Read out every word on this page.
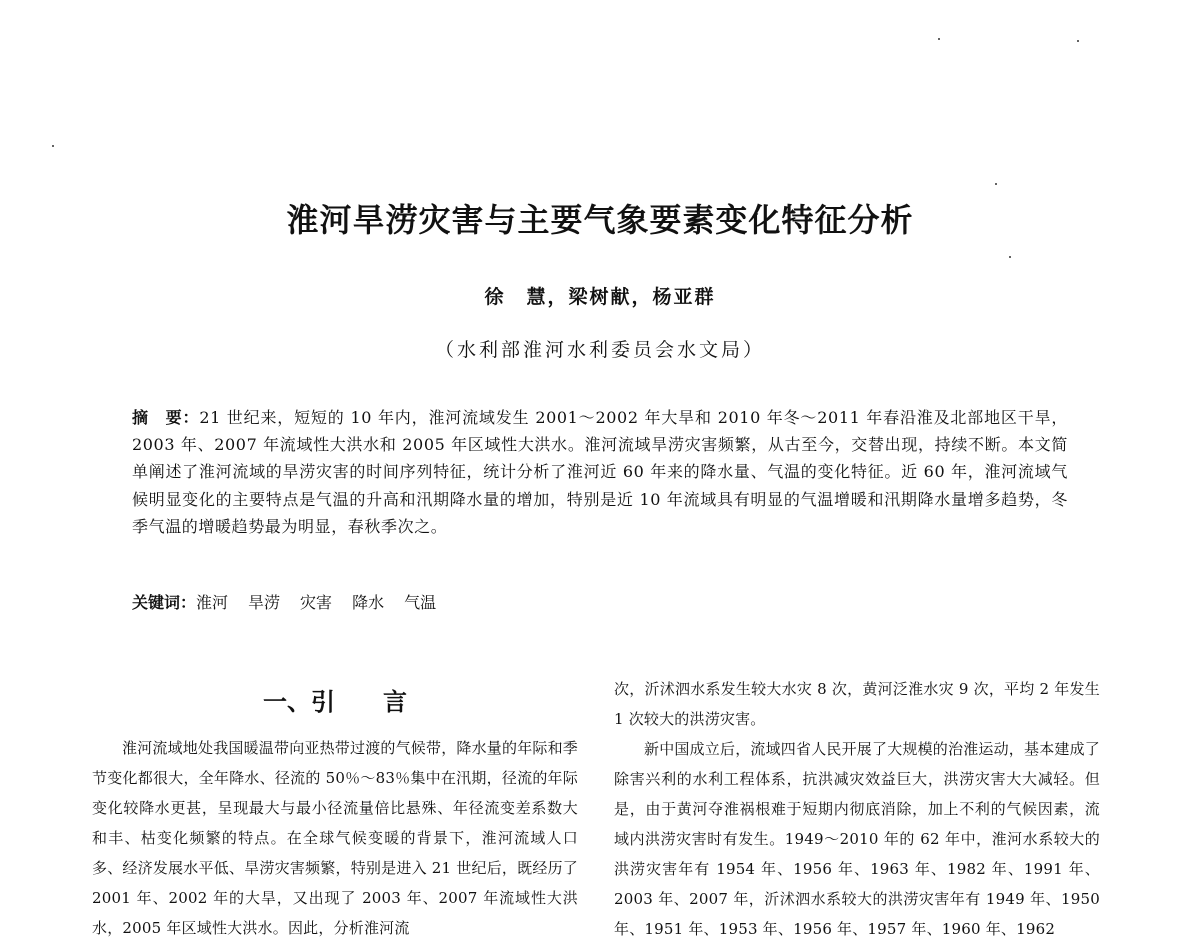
淮河旱涝灾害与主要气象要素变化特征分析
徐　慧，梁树献，杨亚群
（水利部淮河水利委员会水文局）
摘　要：21 世纪来，短短的 10 年内，淮河流域发生 2001～2002 年大旱和 2010 年冬～2011 年春沿淮及北部地区干旱，2003 年、2007 年流域性大洪水和 2005 年区域性大洪水。淮河流域旱涝灾害频繁，从古至今，交替出现，持续不断。本文简单阐述了淮河流域的旱涝灾害的时间序列特征，统计分析了淮河近 60 年来的降水量、气温的变化特征。近 60 年，淮河流域气候明显变化的主要特点是气温的升高和汛期降水量的增加，特别是近 10 年流域具有明显的气温增暖和汛期降水量增多趋势，冬季气温的增暖趋势最为明显，春秋季次之。
关键词：淮河 旱涝 灾害 降水 气温
一、引　　言

淮河流域地处我国暖温带向亚热带过渡的气候带，降水量的年际和季节变化都很大，全年降水、径流的 50％～83％集中在汛期，径流的年际变化较降水更甚，呈现最大与最小径流量倍比悬殊、年径流变差系数大和丰、枯变化频繁的特点。在全球气候变暖的背景下，淮河流域人口多、经济发展水平低、旱涝灾害频繁，特别是进入 21 世纪后，既经历了 2001 年、2002 年的大旱，又出现了 2003 年、2007 年流域性大洪水，2005 年区域性大洪水。因此，分析淮河流

次，沂沭泗水系发生较大水灾 8 次，黄河泛淮水灾 9 次，平均 2 年发生 1 次较大的洪涝灾害。

新中国成立后，流域四省人民开展了大规模的治淮运动，基本建成了除害兴利的水利工程体系，抗洪减灾效益巨大，洪涝灾害大大减轻。但是，由于黄河夺淮祸根难于短期内彻底消除，加上不利的气候因素，流域内洪涝灾害时有发生。1949～2010 年的 62 年中，淮河水系较大的洪涝灾害年有 1954 年、1956 年、1963 年、1982 年、1991 年、2003 年、2007 年，沂沭泗水系较大的洪涝灾害年有 1949 年、1950 年、1951 年、1953 年、1956 年、1957 年、1960 年、1962
